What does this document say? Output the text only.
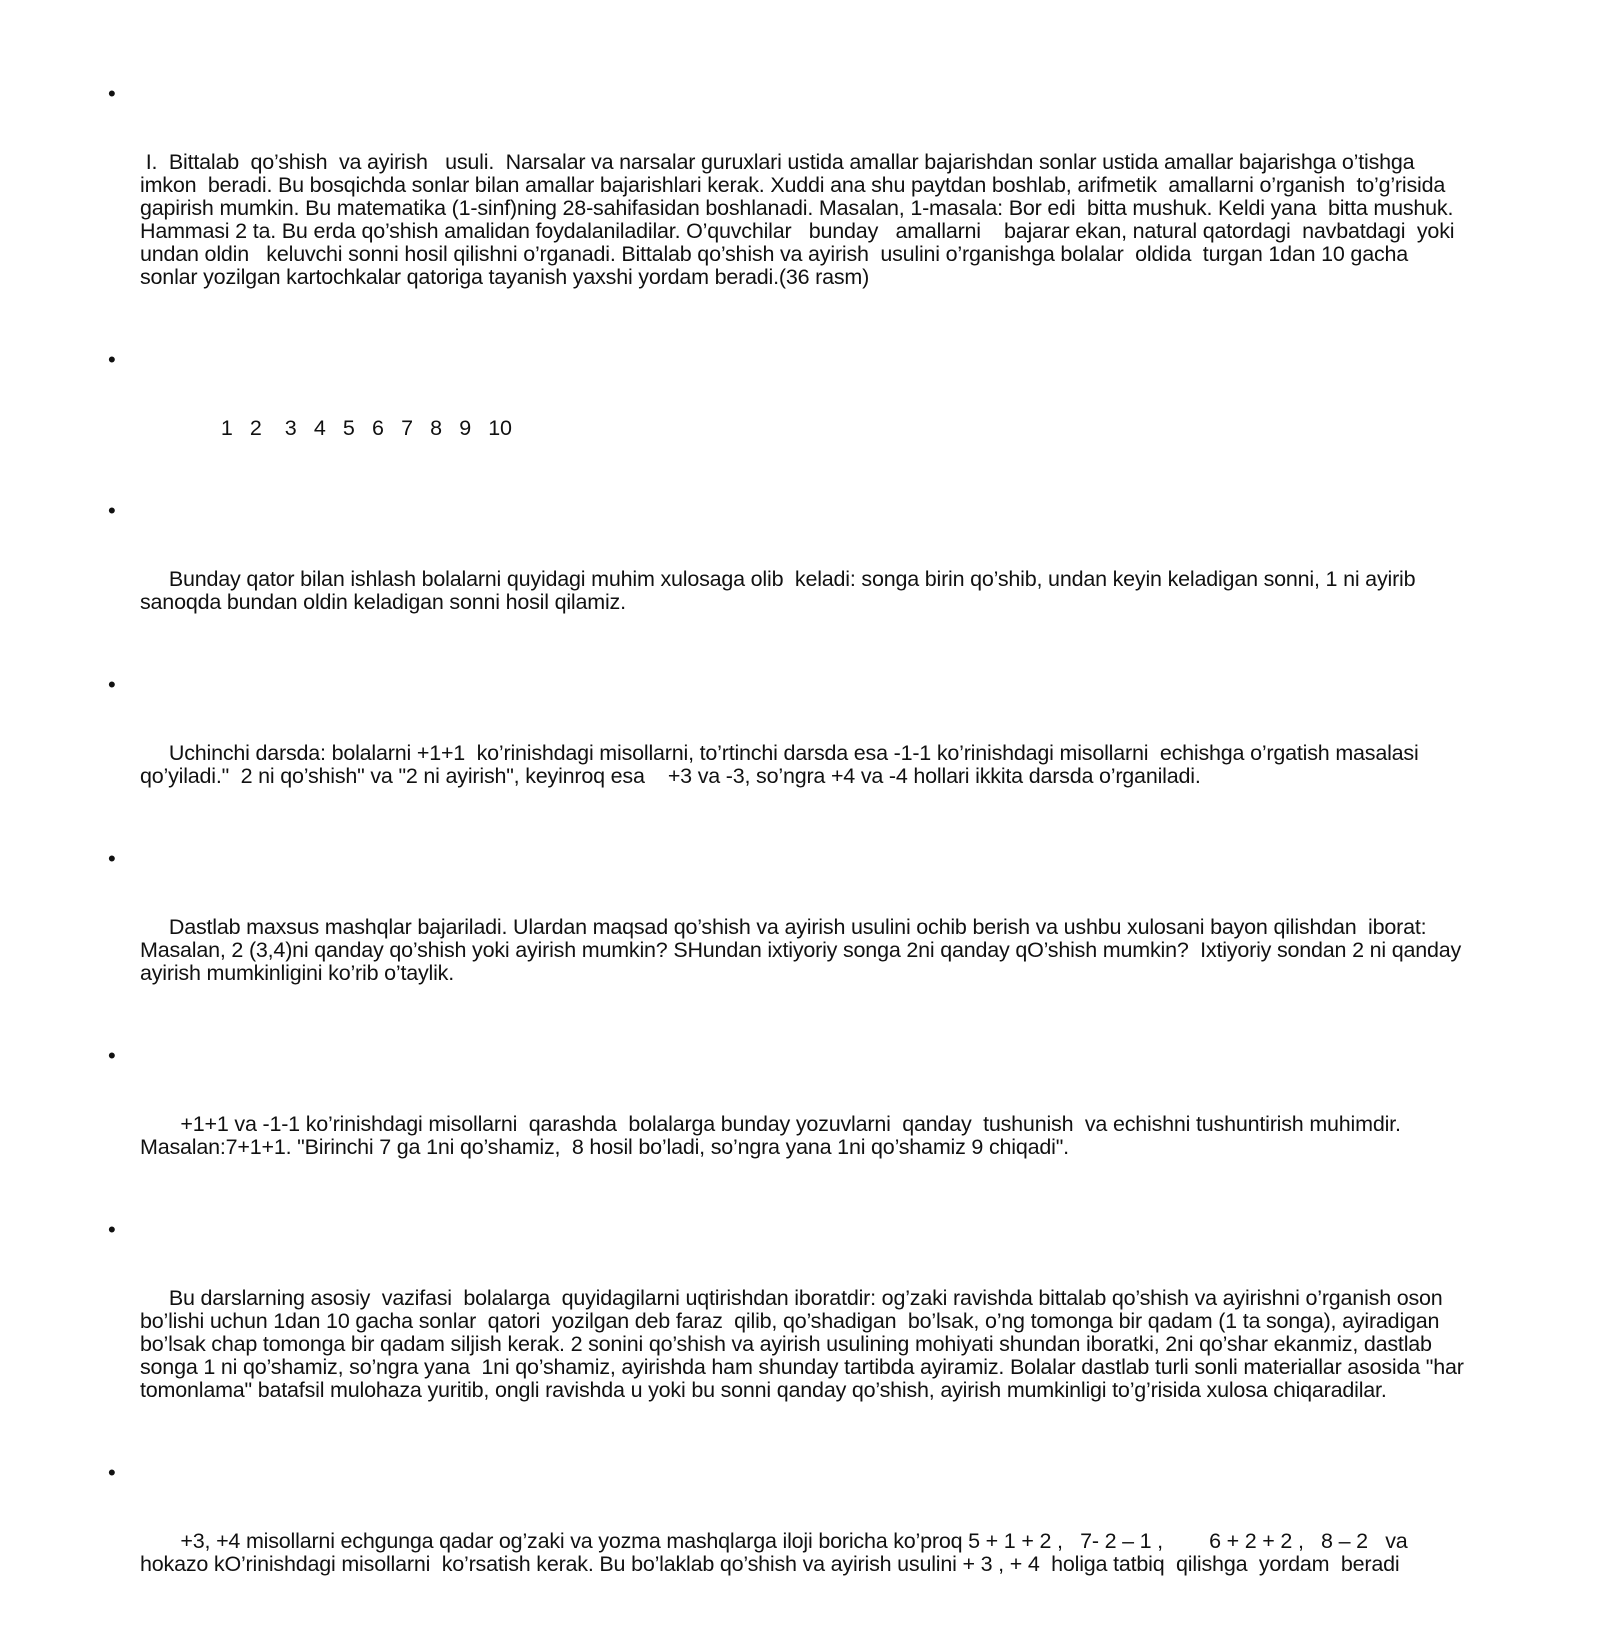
•

I.  Bittalab  qo’shish  va ayirish   usuli.  Narsalar va narsalar guruxlari ustida amallar bajarishdan sonlar ustida amallar bajarishga o’tishga  imkon  beradi. Bu bosqichda sonlar bilan amallar bajarishlari kerak. Xuddi ana shu paytdan boshlab, arifmetik  amallarni o’rganish  to’g’risida gapirish mumkin. Bu matematika (1-sinf)ning 28-sahifasidan boshlanadi. Masalan, 1-masala: Bor edi  bitta mushuk. Keldi yana  bitta mushuk. Hammasi 2 ta. Bu erda qo’shish amalidan foydalaniladilar. O’quvchilar   bunday   amallarni    bajarar ekan, natural qatordagi  navbatdagi  yoki  undan oldin   keluvchi sonni hosil qilishni o’rganadi. Bittalab qo’shish va ayirish  usulini o’rganishga bolalar  oldida  turgan 1dan 10 gacha sonlar yozilgan kartochkalar qatoriga tayanish yaxshi yordam beradi.(36 rasm)

•

1   2    3   4   5   6   7   8   9   10

•

Bunday qator bilan ishlash bolalarni quyidagi muhim xulosaga olib  keladi: songa birin qo’shib, undan keyin keladigan sonni, 1 ni ayirib sanoqda bundan oldin keladigan sonni hosil qilamiz.

•

Uchinchi darsda: bolalarni +1+1  ko’rinishdagi misollarni, to’rtinchi darsda esa -1-1 ko’rinishdagi misollarni  echishga o’rgatish masalasi qo’yiladi."  2 ni qo’shish" va "2 ni ayirish", keyinroq esa    +3 va -3, so’ngra +4 va -4 hollari ikkita darsda o’rganiladi.

•

Dastlab maxsus mashqlar bajariladi. Ulardan maqsad qo’shish va ayirish usulini ochib berish va ushbu xulosani bayon qilishdan  iborat: Masalan, 2 (3,4)ni qanday qo’shish yoki ayirish mumkin? SHundan ixtiyoriy songa 2ni qanday qO’shish mumkin?  Ixtiyoriy sondan 2 ni qanday ayirish mumkinligini ko’rib o’taylik.

•

+1+1 va -1-1 ko’rinishdagi misollarni  qarashda  bolalarga bunday yozuvlarni  qanday  tushunish  va echishni tushuntirish muhimdir. Masalan:7+1+1. "Birinchi 7 ga 1ni qo’shamiz,  8 hosil bo’ladi, so’ngra yana 1ni qo’shamiz 9 chiqadi".

•

Bu darslarning asosiy  vazifasi  bolalarga  quyidagilarni uqtirishdan iboratdir: og’zaki ravishda bittalab qo’shish va ayirishni o’rganish oson bo’lishi uchun 1dan 10 gacha sonlar  qatori  yozilgan deb faraz  qilib, qo’shadigan  bo’lsak, o’ng tomonga bir qadam (1 ta songa), ayiradigan bo’lsak chap tomonga bir qadam siljish kerak. 2 sonini qo’shish va ayirish usulining mohiyati shundan iboratki, 2ni qo’shar ekanmiz, dastlab songa 1 ni qo’shamiz, so’ngra yana  1ni qo’shamiz, ayirishda ham shunday tartibda ayiramiz. Bolalar dastlab turli sonli materiallar asosida "har tomonlama" batafsil mulohaza yuritib, ongli ravishda u yoki bu sonni qanday qo’shish, ayirish mumkinligi to’g’risida xulosa chiqaradilar.

•

+3, +4 misollarni echgunga qadar og’zaki va yozma mashqlarga iloji boricha ko’proq 5 + 1 + 2 ,   7- 2 – 1 ,        6 + 2 + 2 ,   8 – 2   va hokazo kO’rinishdagi misollarni  ko’rsatish kerak. Bu bo’laklab qo’shish va ayirish usulini + 3 , + 4  holiga tatbiq  qilishga  yordam  beradi
